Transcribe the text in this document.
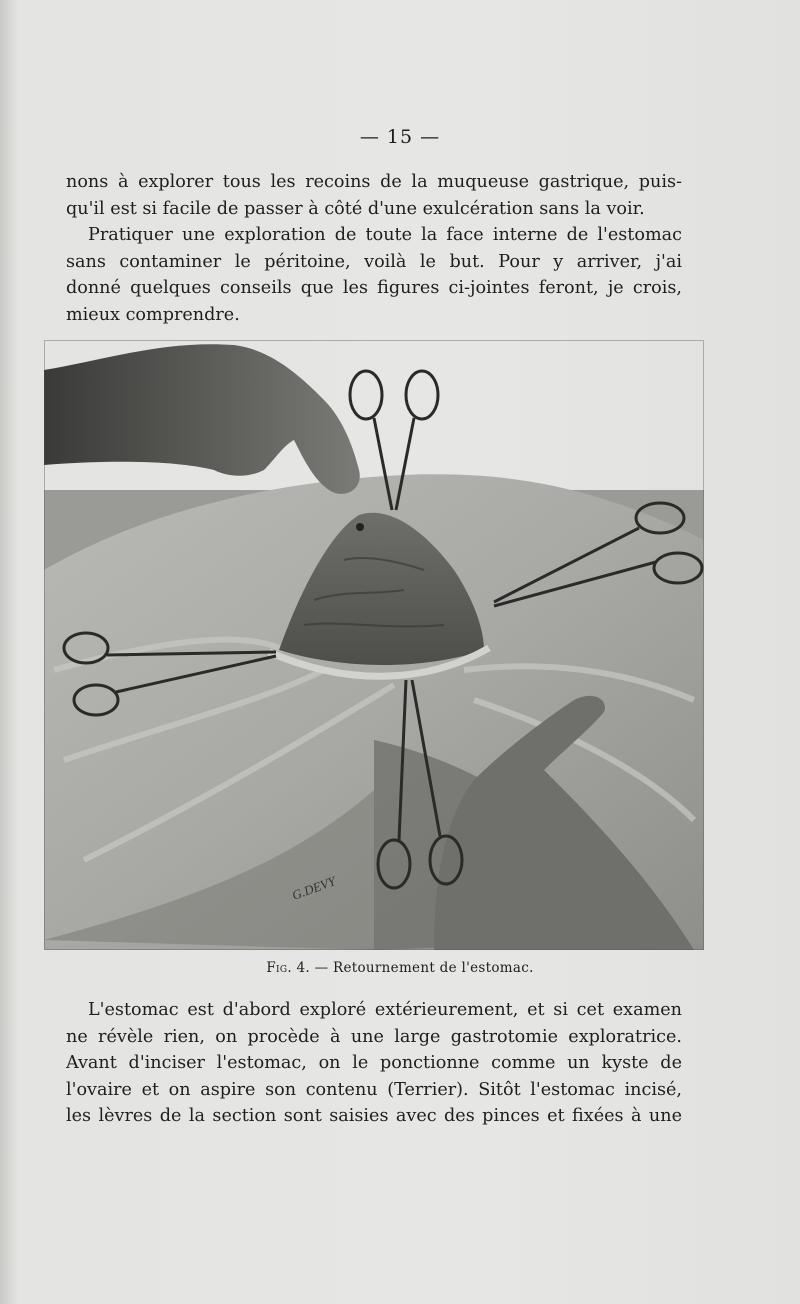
— 15 —
nons à explorer tous les recoins de la muqueuse gastrique, puis-
qu'il est si facile de passer à côté d'une exulcération sans la voir.
Pratiquer une exploration de toute la face interne de l'estomac
sans contaminer le péritoine, voilà le but. Pour y arriver, j'ai
donné quelques conseils que les figures ci-jointes feront, je crois,
mieux comprendre.
G.DEVY
Fig. 4. — Retournement de l'estomac.
L'estomac est d'abord exploré extérieurement, et si cet examen
ne révèle rien, on procède à une large gastrotomie exploratrice.
Avant d'inciser l'estomac, on le ponctionne comme un kyste de
l'ovaire et on aspire son contenu (Terrier). Sitôt l'estomac incisé,
les lèvres de la section sont saisies avec des pinces et fixées à une
